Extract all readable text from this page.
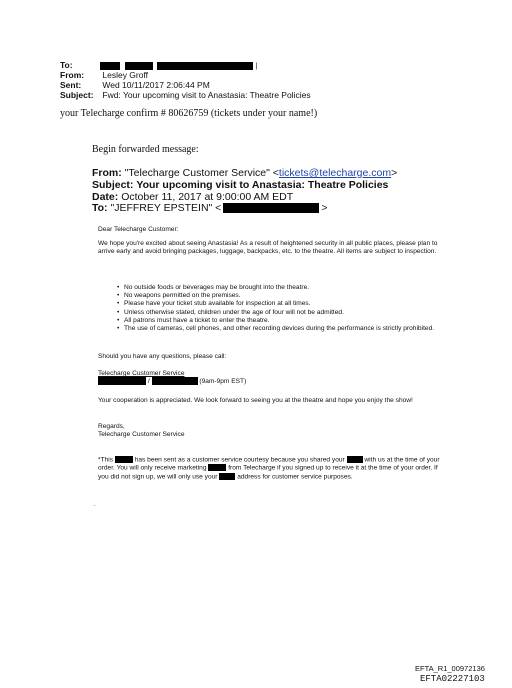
To:	|
From: Lesley Groff
Sent: Wed 10/11/2017 2:06:44 PM
Subject: Fwd: Your upcoming visit to Anastasia: Theatre Policies
your Telecharge confirm # 80626759 (tickets under your name!)
Begin forwarded message:
From: "Telecharge Customer Service" <tickets@telecharge.com>
Subject: Your upcoming visit to Anastasia: Theatre Policies
Date: October 11, 2017 at 9:00:00 AM EDT
To: "JEFFREY EPSTEIN" <	>
Dear Telecharge Customer:
We hope you're excited about seeing Anastasia! As a result of heightened security in all public places, please plan to arrive early and avoid bringing packages, luggage, backpacks, etc. to the theatre. All items are subject to inspection.
• No outside foods or beverages may be brought into the theatre.
• No weapons permitted on the premises.
• Please have your ticket stub available for inspection at all times.
• Unless otherwise stated, children under the age of four will not be admitted.
• All patrons must have a ticket to enter the theatre.
• The use of cameras, cell phones, and other recording devices during the performance is strictly prohibited.
Should you have any questions, please call:
Telecharge Customer Service
/	(9am-9pm EST)
Your cooperation is appreciated. We look forward to seeing you at the theatre and hope you enjoy the show!
Regards,
Telecharge Customer Service
*This	has been sent as a customer service courtesy because you shared your	with us at the time of your order. You will only receive marketing	from Telecharge if you signed up to receive it at the time of your order. If you did not sign up, we will only use your	address for customer service purposes.
.
EFTA_R1_00972136
EFTA02227103
